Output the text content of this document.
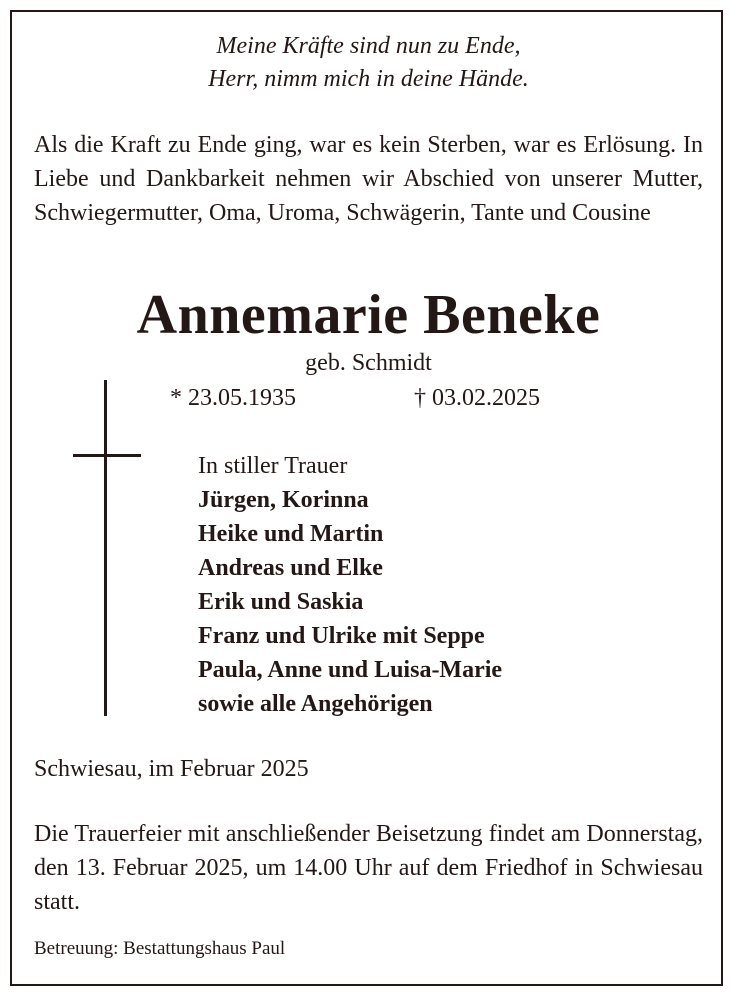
Meine Kräfte sind nun zu Ende,
Herr, nimm mich in deine Hände.
Als die Kraft zu Ende ging, war es kein Sterben, war es Erlösung. In Liebe und Dankbarkeit nehmen wir Abschied von unserer Mutter, Schwiegermutter, Oma, Uroma, Schwägerin, Tante und Cousine
Annemarie Beneke
geb. Schmidt
* 23.05.1935	† 03.02.2025
In stiller Trauer
Jürgen, Korinna
Heike und Martin
Andreas und Elke
Erik und Saskia
Franz und Ulrike mit Seppe
Paula, Anne und Luisa-Marie
sowie alle Angehörigen
Schwiesau, im Februar 2025
Die Trauerfeier mit anschließender Beisetzung findet am Donnerstag, den 13. Februar 2025, um 14.00 Uhr auf dem Friedhof in Schwiesau statt.
Betreuung: Bestattungshaus Paul
